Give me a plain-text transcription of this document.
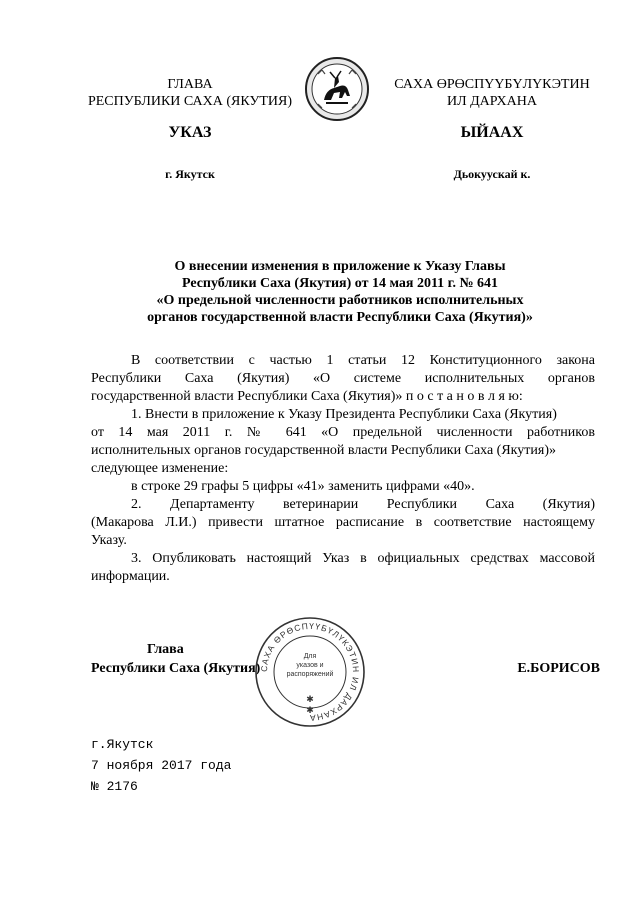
ГЛАВА
РЕСПУБЛИКИ САХА (ЯКУТИЯ)
САХА ӨРӨСПҮҮБҮЛҮКЭТИН
ИЛ ДАРХАНА
УКАЗ	ЫЙААХ
г. Якутск	Дьокуускай к.
О внесении изменения в приложение к Указу Главы
Республики Саха (Якутия) от 14 мая 2011 г. № 641
«О предельной численности работников исполнительных
органов государственной власти Республики Саха (Якутия)»
В соответствии с частью 1 статьи 12 Конституционного закона
Республики Саха (Якутия) «О системе исполнительных органов
государственной власти Республики Саха (Якутия)» п о с т а н о в л я ю:
1. Внести в приложение к Указу Президента Республики Саха (Якутия)
от 14 мая 2011 г. № 641 «О предельной численности работников
исполнительных органов государственной власти Республики Саха (Якутия)»
следующее изменение:
в строке 29 графы 5 цифры «41» заменить цифрами «40».
2. Департаменту ветеринарии Республики Саха (Якутия)
(Макарова Л.И.) привести штатное расписание в соответствие настоящему
Указу.
3. Опубликовать настоящий Указ в официальных средствах массовой
информации.
Глава
Республики Саха (Якутия)	Е.БОРИСОВ
САХА ӨРӨСПҮҮБҮЛҮКЭТИН ИЛ ДАРХАНА
Для
указов и
распоряжений
✱
✱
г.Якутск
7 ноября 2017 года
№ 2176
